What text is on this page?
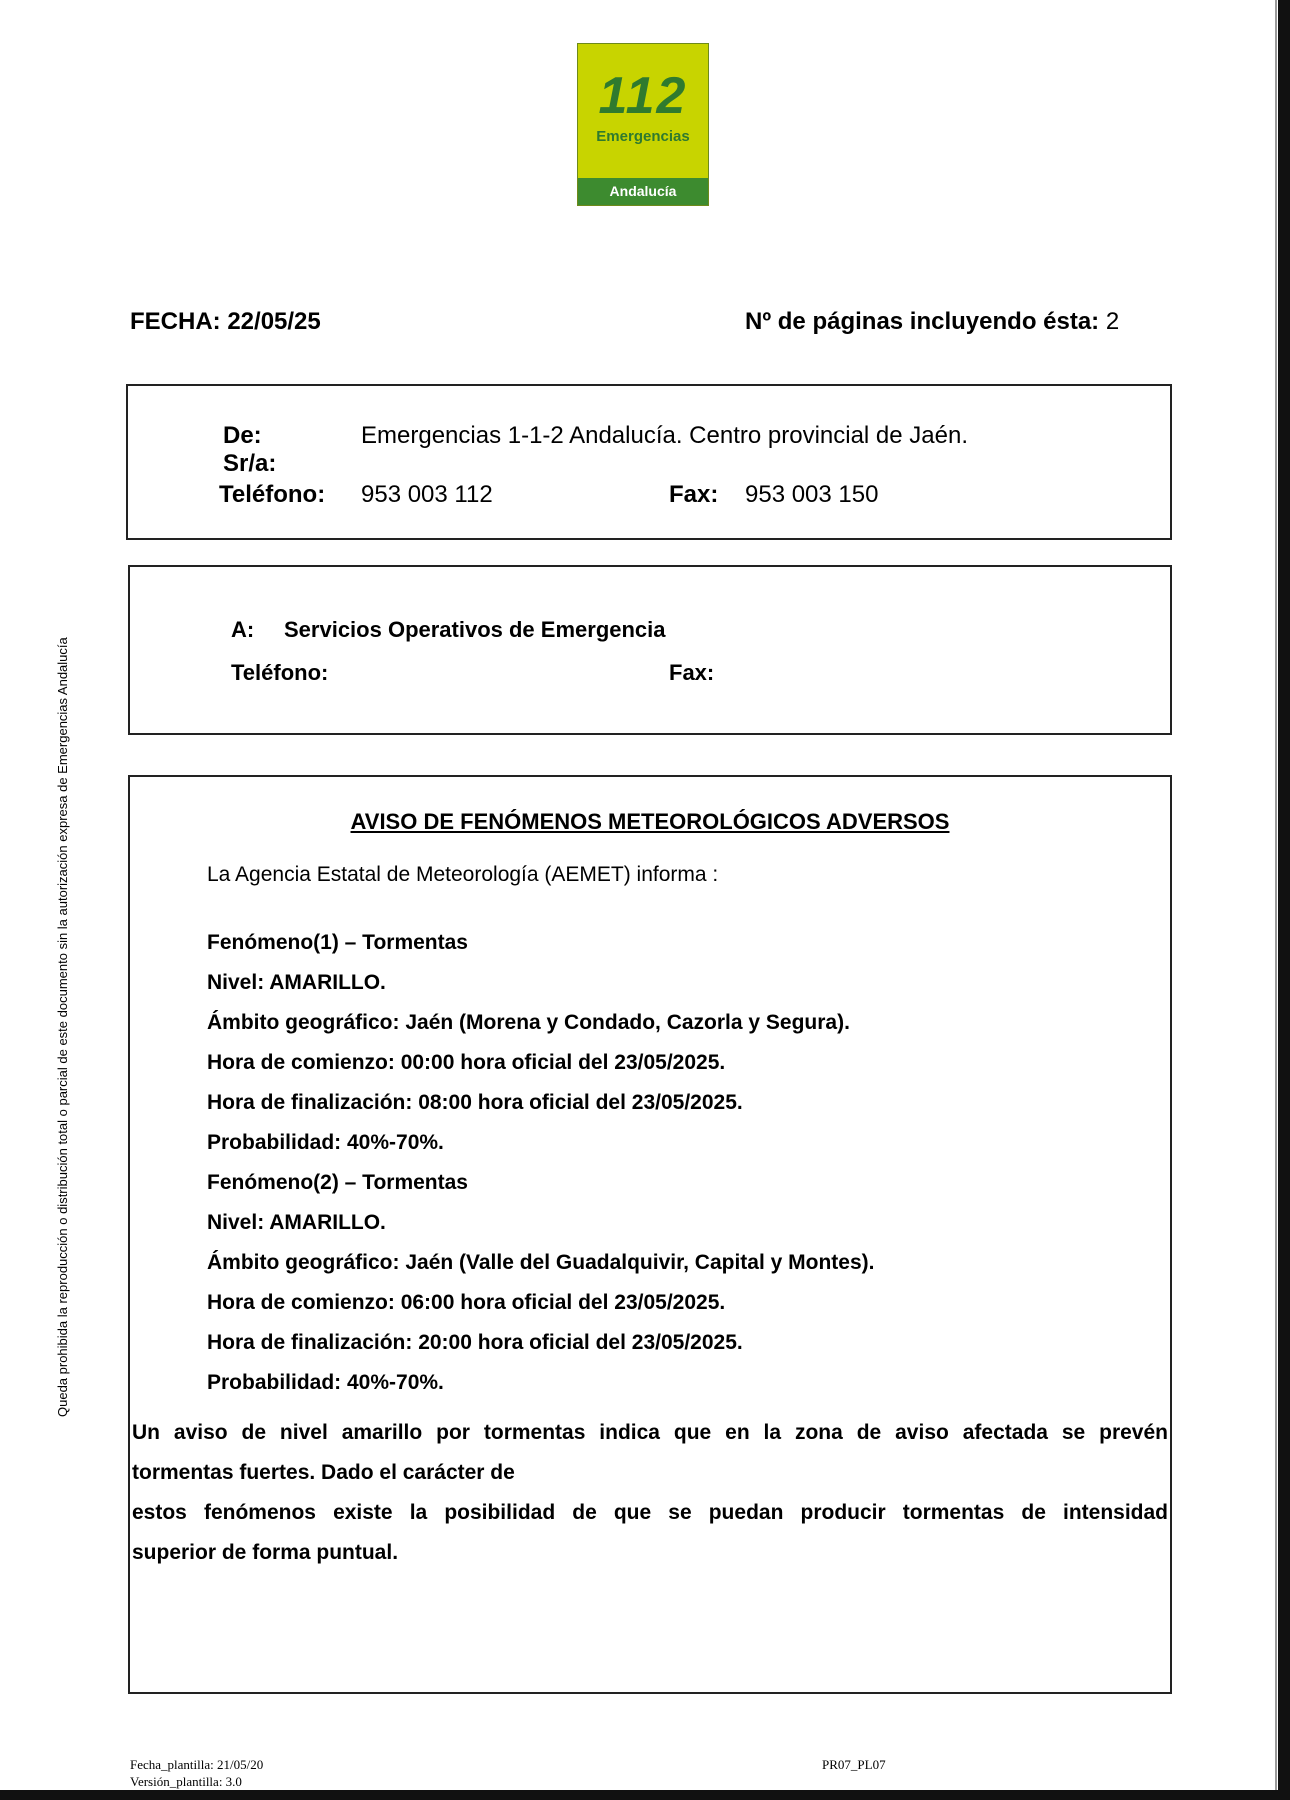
112
Emergencias
Andalucía
FECHA: 22/05/25	Nº de páginas incluyendo ésta: 2
De:	Emergencias 1-1-2 Andalucía. Centro provincial de Jaén.
Sr/a:
Teléfono: 953 003 112	Fax: 953 003 150
A: Servicios Operativos de Emergencia
Teléfono:	Fax:
AVISO DE FENÓMENOS METEOROLÓGICOS ADVERSOS
La Agencia Estatal de Meteorología (AEMET) informa :
Fenómeno(1) – Tormentas
Nivel: AMARILLO.
Ámbito geográfico: Jaén (Morena y Condado, Cazorla y Segura).
Hora de comienzo: 00:00 hora oficial del 23/05/2025.
Hora de finalización: 08:00 hora oficial del 23/05/2025.
Probabilidad: 40%-70%.
Fenómeno(2) – Tormentas
Nivel: AMARILLO.
Ámbito geográfico: Jaén (Valle del Guadalquivir, Capital y Montes).
Hora de comienzo: 06:00 hora oficial del 23/05/2025.
Hora de finalización: 20:00 hora oficial del 23/05/2025.
Probabilidad: 40%-70%.

Un aviso de nivel amarillo por tormentas indica que en la zona de aviso afectada se prevén

tormentas fuertes. Dado el carácter de

estos fenómenos existe la posibilidad de que se puedan producir tormentas de intensidad

superior de forma puntual.

Queda prohibida la reproducción o distribución total o parcial de este documento sin la autorización expresa de Emergencias Andalucía
Fecha_plantilla: 21/05/20
Versión_plantilla: 3.0
PR07_PL07
